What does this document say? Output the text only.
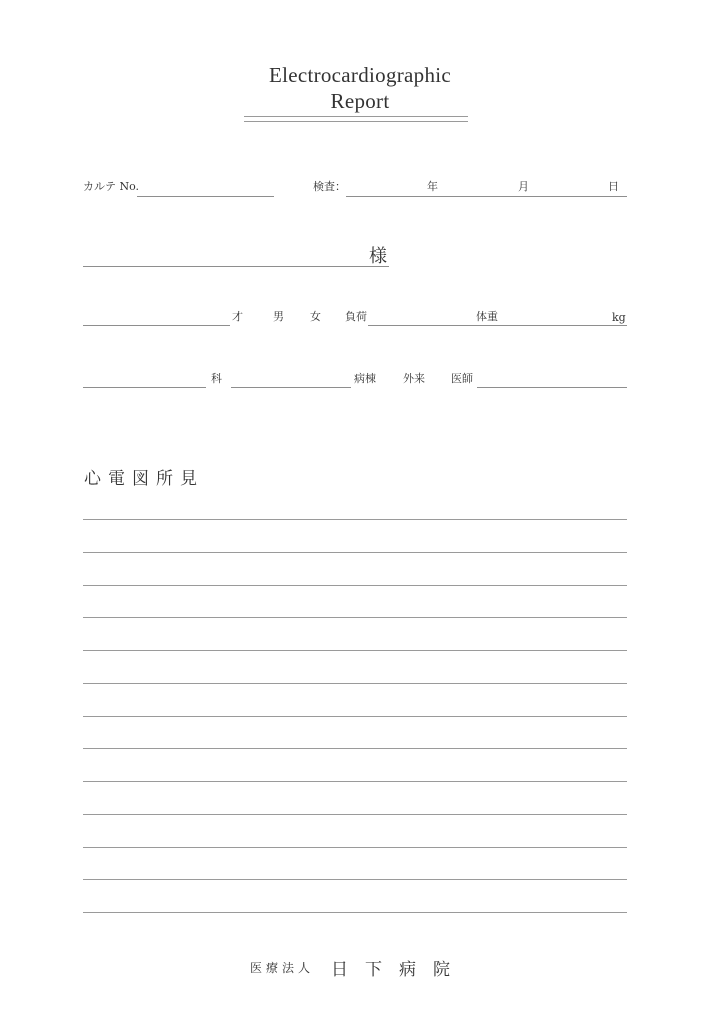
Electrocardiographic
Report
カルテ No.	検査：	年	月	日
様
才	男 女 負荷	体重	kg
科	病棟 外来 医師
心電図所見
医療法人 日下病院
